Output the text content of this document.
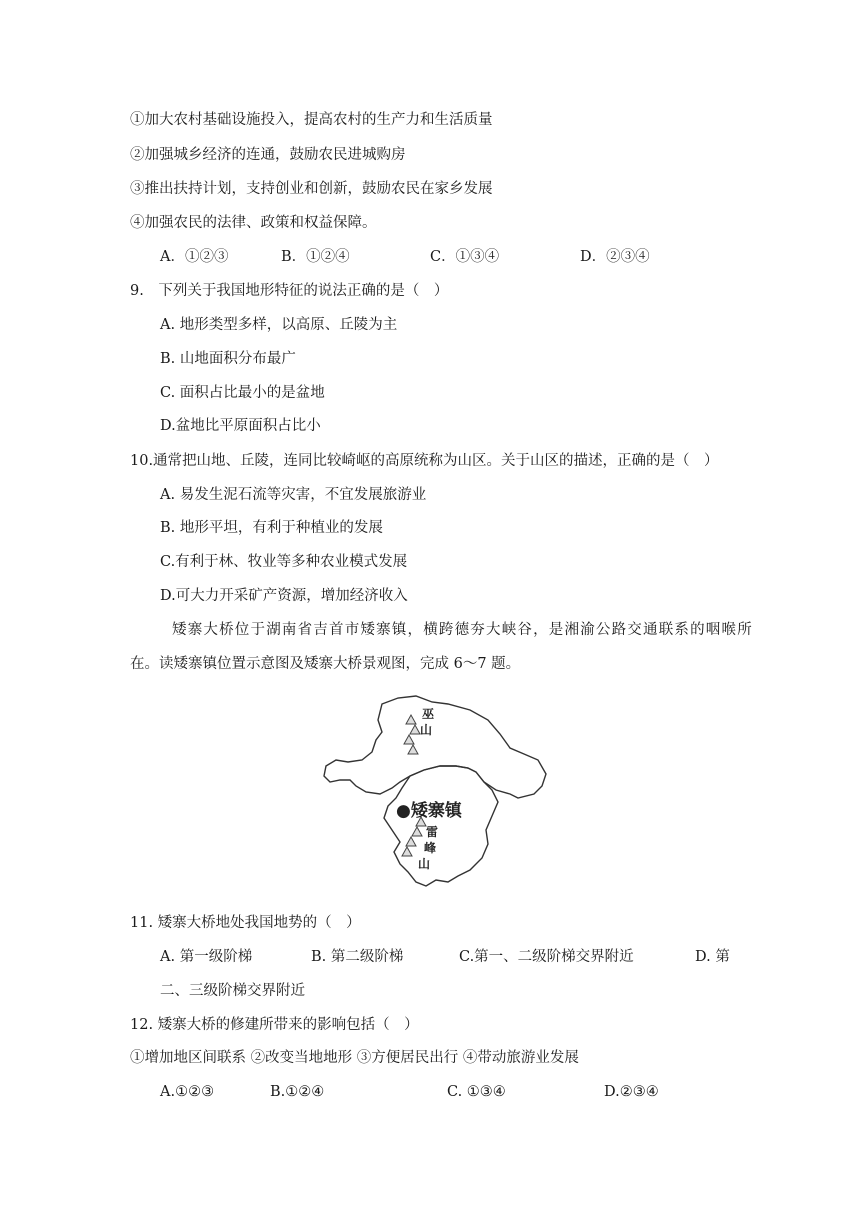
①加大农村基础设施投入，提高农村的生产力和生活质量
②加强城乡经济的连通，鼓励农民进城购房
③推出扶持计划，支持创业和创新，鼓励农民在家乡发展
④加强农民的法律、政策和权益保障。
A．①②③	B．①②④	C．①③④	D．②③④
9.　下列关于我国地形特征的说法正确的是（　）
A. 地形类型多样，以高原、丘陵为主
B. 山地面积分布最广
C. 面积占比最小的是盆地
D.盆地比平原面积占比小
10.通常把山地、丘陵，连同比较崎岖的高原统称为山区。关于山区的描述，正确的是（　）
A. 易发生泥石流等灾害，不宜发展旅游业
B. 地形平坦，有利于种植业的发展
C.有利于林、牧业等多种农业模式发展
D.可大力开采矿产资源，增加经济收入
矮寨大桥位于湖南省吉首市矮寨镇，横跨德夯大峡谷，是湘渝公路交通联系的咽喉所
在。读矮寨镇位置示意图及矮寨大桥景观图，完成 6～7 题。
巫
山
●矮寨镇
雷
峰
山
11. 矮寨大桥地处我国地势的（　）
A. 第一级阶梯	B. 第二级阶梯	C.第一、二级阶梯交界附近	D. 第
二、三级阶梯交界附近
12. 矮寨大桥的修建所带来的影响包括（　）
①增加地区间联系 ②改变当地地形 ③方便居民出行 ④带动旅游业发展
A.①②③	B.①②④	C. ①③④	D.②③④
